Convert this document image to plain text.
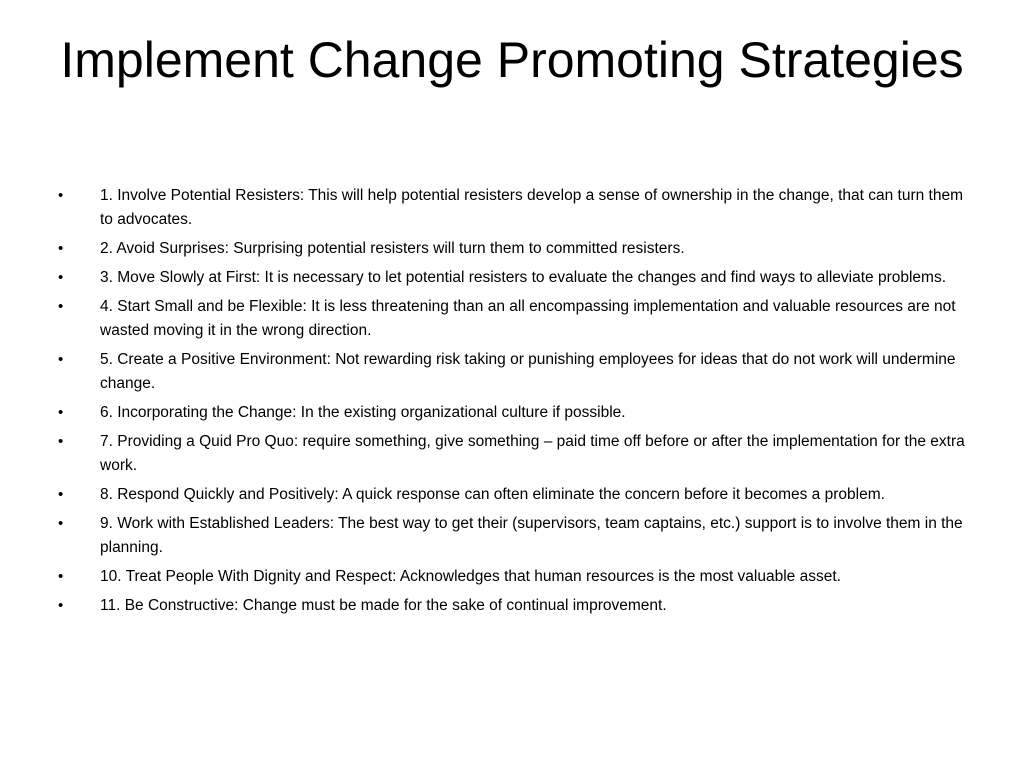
Implement Change Promoting Strategies
•	1. Involve Potential Resisters: This will help potential resisters develop a sense of ownership in the change, that can turn them to advocates.
•	2. Avoid Surprises: Surprising potential resisters will turn them to committed resisters.
•	3. Move Slowly at First: It is necessary to let potential resisters to evaluate the changes and find ways to alleviate problems.
•	4. Start Small and be Flexible: It is less threatening than an all encompassing implementation and valuable resources are not wasted moving it in the wrong direction.
•	5. Create a Positive Environment: Not rewarding risk taking or punishing employees for ideas that do not work will undermine change.
•	6. Incorporating the Change: In the existing organizational culture if possible.
•	7. Providing a Quid Pro Quo: require something, give something – paid time off before or after the implementation for the extra work.
•	8. Respond Quickly and Positively: A quick response can often eliminate the concern before it becomes a problem.
•	9. Work with Established Leaders: The best way to get their (supervisors, team captains, etc.) support is to involve them in the planning.
•	10. Treat People With Dignity and Respect: Acknowledges that human resources is the most valuable asset.
•	11. Be Constructive: Change must be made for the sake of continual improvement.
